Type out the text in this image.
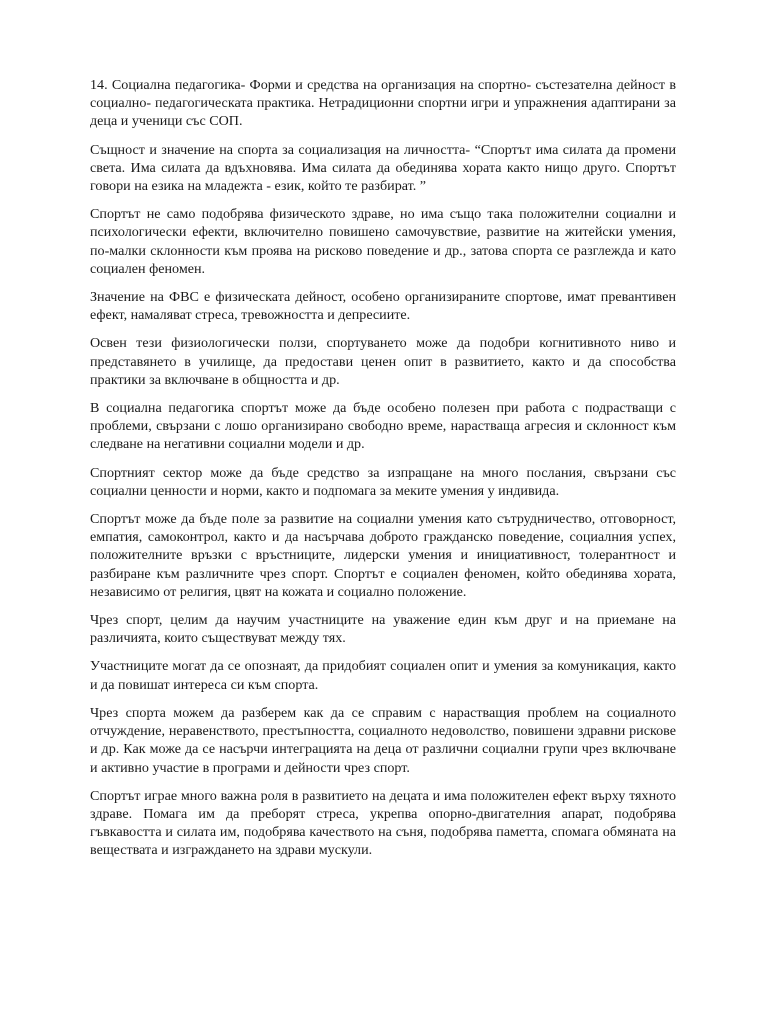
14. Социална педагогика- Форми и средства на организация на спортно- състезателна дейност в социално- педагогическата практика. Нетрадиционни спортни игри и упражнения адаптирани за деца и ученици със СОП.

Същност и значение на спорта за социализация на личността- “Спортът има силата да промени света. Има силата да вдъхновява. Има силата да обединява хората както нищо друго. Спортът говори на езика на младежта - език, който те разбират. ”

Спортът не само подобрява физическото здраве, но има също така положителни социални и психологически ефекти, включително повишено самочувствие, развитие на житейски умения, по-малки склонности към проява на рисково поведение и др., затова спорта се разглежда и като социален феномен.

Значение на ФВС е физическата дейност, особено организираните спортове, имат превантивен ефект, намаляват стреса, тревожността и депресиите.

Освен тези физиологически ползи, спортуването може да подобри когнитивното ниво и представянето в училище, да предостави ценен опит в развитието, както и да способства практики за включване в общността и др.

В социална педагогика спортът може да бъде особено полезен при работа с подрастващи с проблеми, свързани с лошо организирано свободно време, нарастваща агресия и склонност към следване на негативни социални модели и др.

Спортният сектор може да бъде средство за изпращане на много послания, свързани със социални ценности и норми, както и подпомага за меките умения у индивида.

Спортът може да бъде поле за развитие на социални умения като сътрудничество, отговорност, емпатия, самоконтрол, както и да насърчава доброто гражданско поведение, социалния успех, положителните връзки с връстниците, лидерски умения и инициативност, толерантност и разбиране към различните чрез спорт. Спортът е социален феномен, който обединява хората, независимо от религия, цвят на кожата и социално положение.

Чрез спорт, целим да научим участниците на уважение един към друг и на приемане на различията, които съществуват между тях.

Участниците могат да се опознаят, да придобият социален опит и умения за комуникация, както и да повишат интереса си към спорта.

Чрез спорта можем да разберем как да се справим с нарастващия проблем на социалното отчуждение, неравенството, престъпността, социалното недоволство, повишени здравни рискове и др. Как може да се насърчи интеграцията на деца от различни социални групи чрез включване и активно участие в програми и дейности чрез спорт.

Спортът играе много важна роля в развитието на децата и има положителен ефект върху тяхното здраве. Помага им да преборят стреса, укрепва опорно-двигателния апарат, подобрява гъвкавостта и силата им, подобрява качеството на съня, подобрява паметта, спомага обмяната на веществата и изграждането на здрави мускули.
